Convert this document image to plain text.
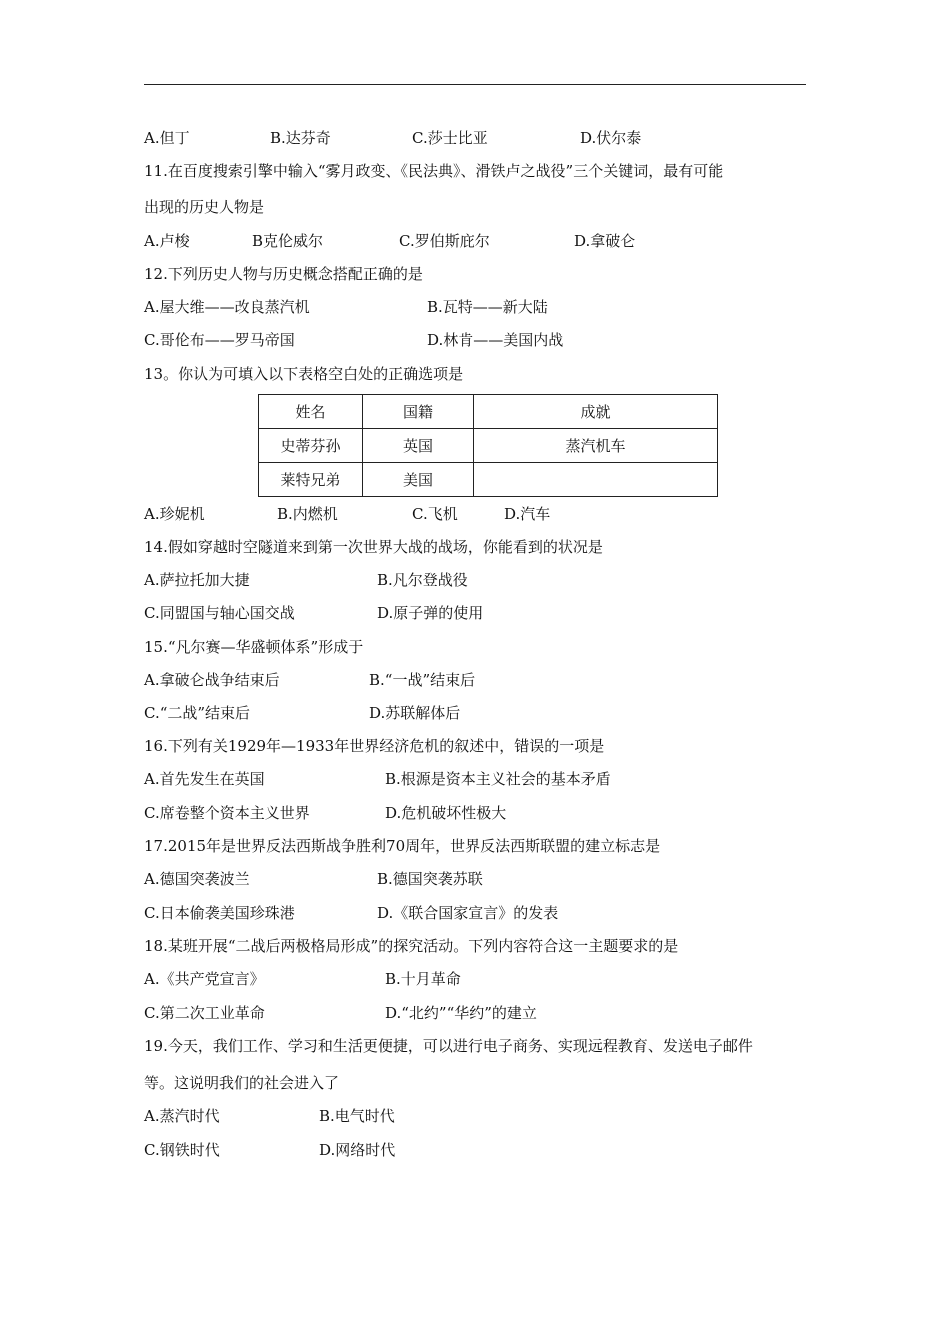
A.但丁	B.达芬奇	C.莎士比亚	D.伏尔泰
11.在百度搜索引擎中输入“雾月政变、《民法典》、滑铁卢之战役”三个关键词，最有可能
出现的历史人物是
A.卢梭	B克伦威尔	C.罗伯斯庇尔	D.拿破仑
12.下列历史人物与历史概念搭配正确的是
A.屋大维——改良蒸汽机	B.瓦特——新大陆
C.哥伦布——罗马帝国	D.林肯——美国内战
13。你认为可填入以下表格空白处的正确选项是
姓名	国籍	成就
史蒂芬孙	英国	蒸汽机车
莱特兄弟	美国	
A.珍妮机	B.内燃机	C.飞机	D.汽车
14.假如穿越时空隧道来到第一次世界大战的战场，你能看到的状况是
A.萨拉托加大捷	B.凡尔登战役
C.同盟国与轴心国交战	D.原子弹的使用
15.“凡尔赛—华盛顿体系”形成于
A.拿破仑战争结束后	B.“一战”结束后
C.“二战”结束后	D.苏联解体后
16.下列有关1929年—1933年世界经济危机的叙述中，错误的一项是
A.首先发生在英国	B.根源是资本主义社会的基本矛盾
C.席卷整个资本主义世界	D.危机破坏性极大
17.2015年是世界反法西斯战争胜利70周年，世界反法西斯联盟的建立标志是
A.德国突袭波兰	B.德国突袭苏联
C.日本偷袭美国珍珠港	D.《联合国家宣言》的发表
18.某班开展“二战后两极格局形成”的探究活动。下列内容符合这一主题要求的是
A.《共产党宣言》	B.十月革命
C.第二次工业革命	D.“北约”“华约”的建立
19.今天，我们工作、学习和生活更便捷，可以进行电子商务、实现远程教育、发送电子邮件
等。这说明我们的社会进入了
A.蒸汽时代	B.电气时代
C.钢铁时代	D.网络时代
